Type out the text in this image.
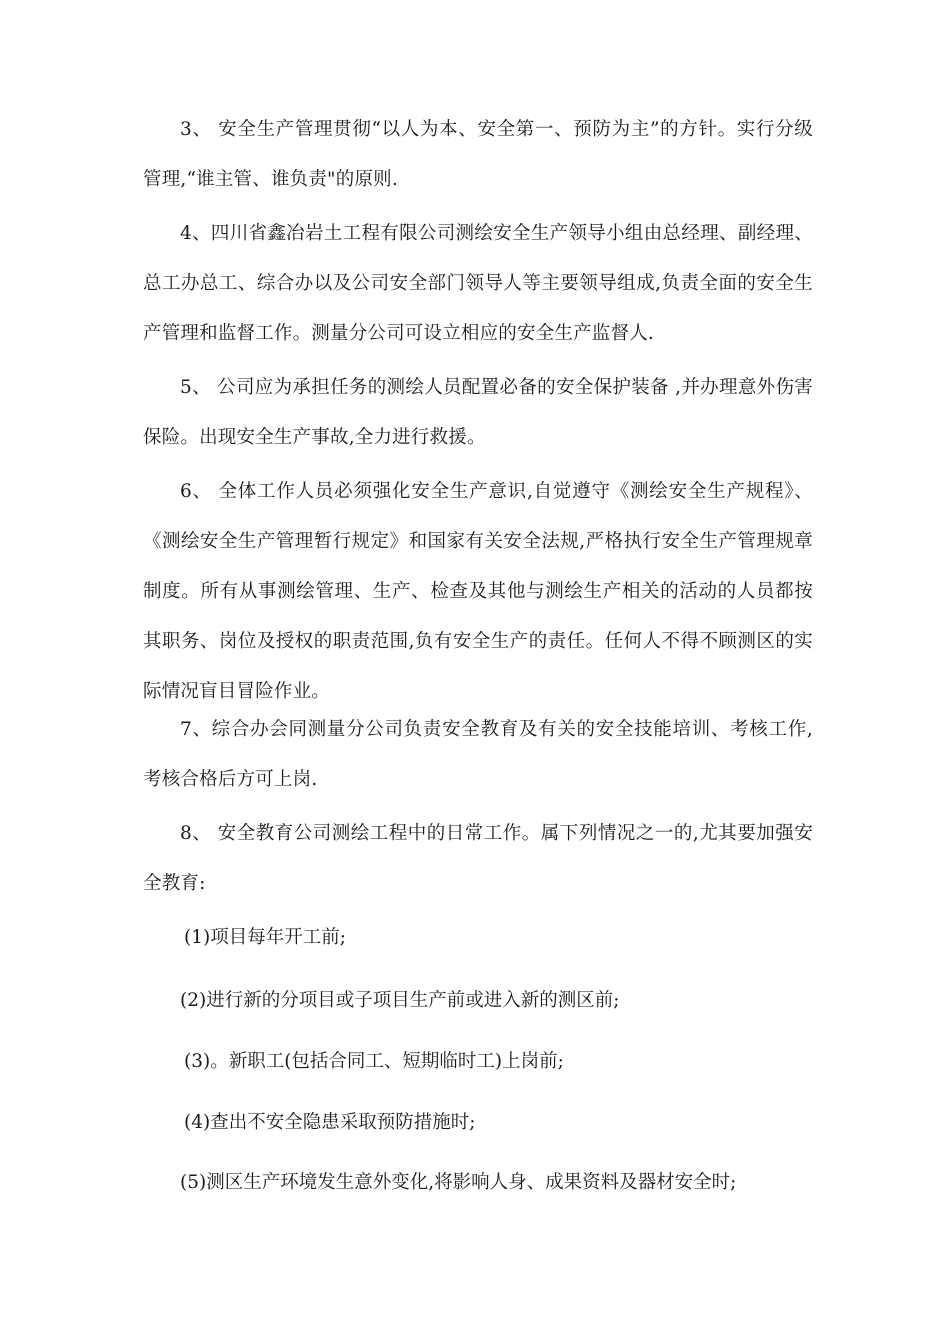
3、 安全生产管理贯彻“以人为本、安全第一、预防为主”的方针。实行分级管理,“谁主管、谁负责"的原则.

4、四川省鑫冶岩土工程有限公司测绘安全生产领导小组由总经理、副经理、总工办总工、综合办以及公司安全部门领导人等主要领导组成,负责全面的安全生产管理和监督工作。测量分公司可设立相应的安全生产监督人.

5、 公司应为承担任务的测绘人员配置必备的安全保护装备 ,并办理意外伤害保险。出现安全生产事故,全力进行救援。

6、 全体工作人员必须强化安全生产意识,自觉遵守《测绘安全生产规程》、《测绘安全生产管理暂行规定》和国家有关安全法规,严格执行安全生产管理规章制度。所有从事测绘管理、生产、检查及其他与测绘生产相关的活动的人员都按其职务、岗位及授权的职责范围,负有安全生产的责任。任何人不得不顾测区的实际情况盲目冒险作业。

7、综合办会同测量分公司负责安全教育及有关的安全技能培训、考核工作,考核合格后方可上岗.

8、 安全教育公司测绘工程中的日常工作。属下列情况之一的,尤其要加强安全教育:

(1)项目每年开工前;

(2)进行新的分项目或子项目生产前或进入新的测区前;

(3)。新职工(包括合同工、短期临时工)上岗前;

(4)查出不安全隐患采取预防措施时;

(5)测区生产环境发生意外变化,将影响人身、成果资料及器材安全时;
